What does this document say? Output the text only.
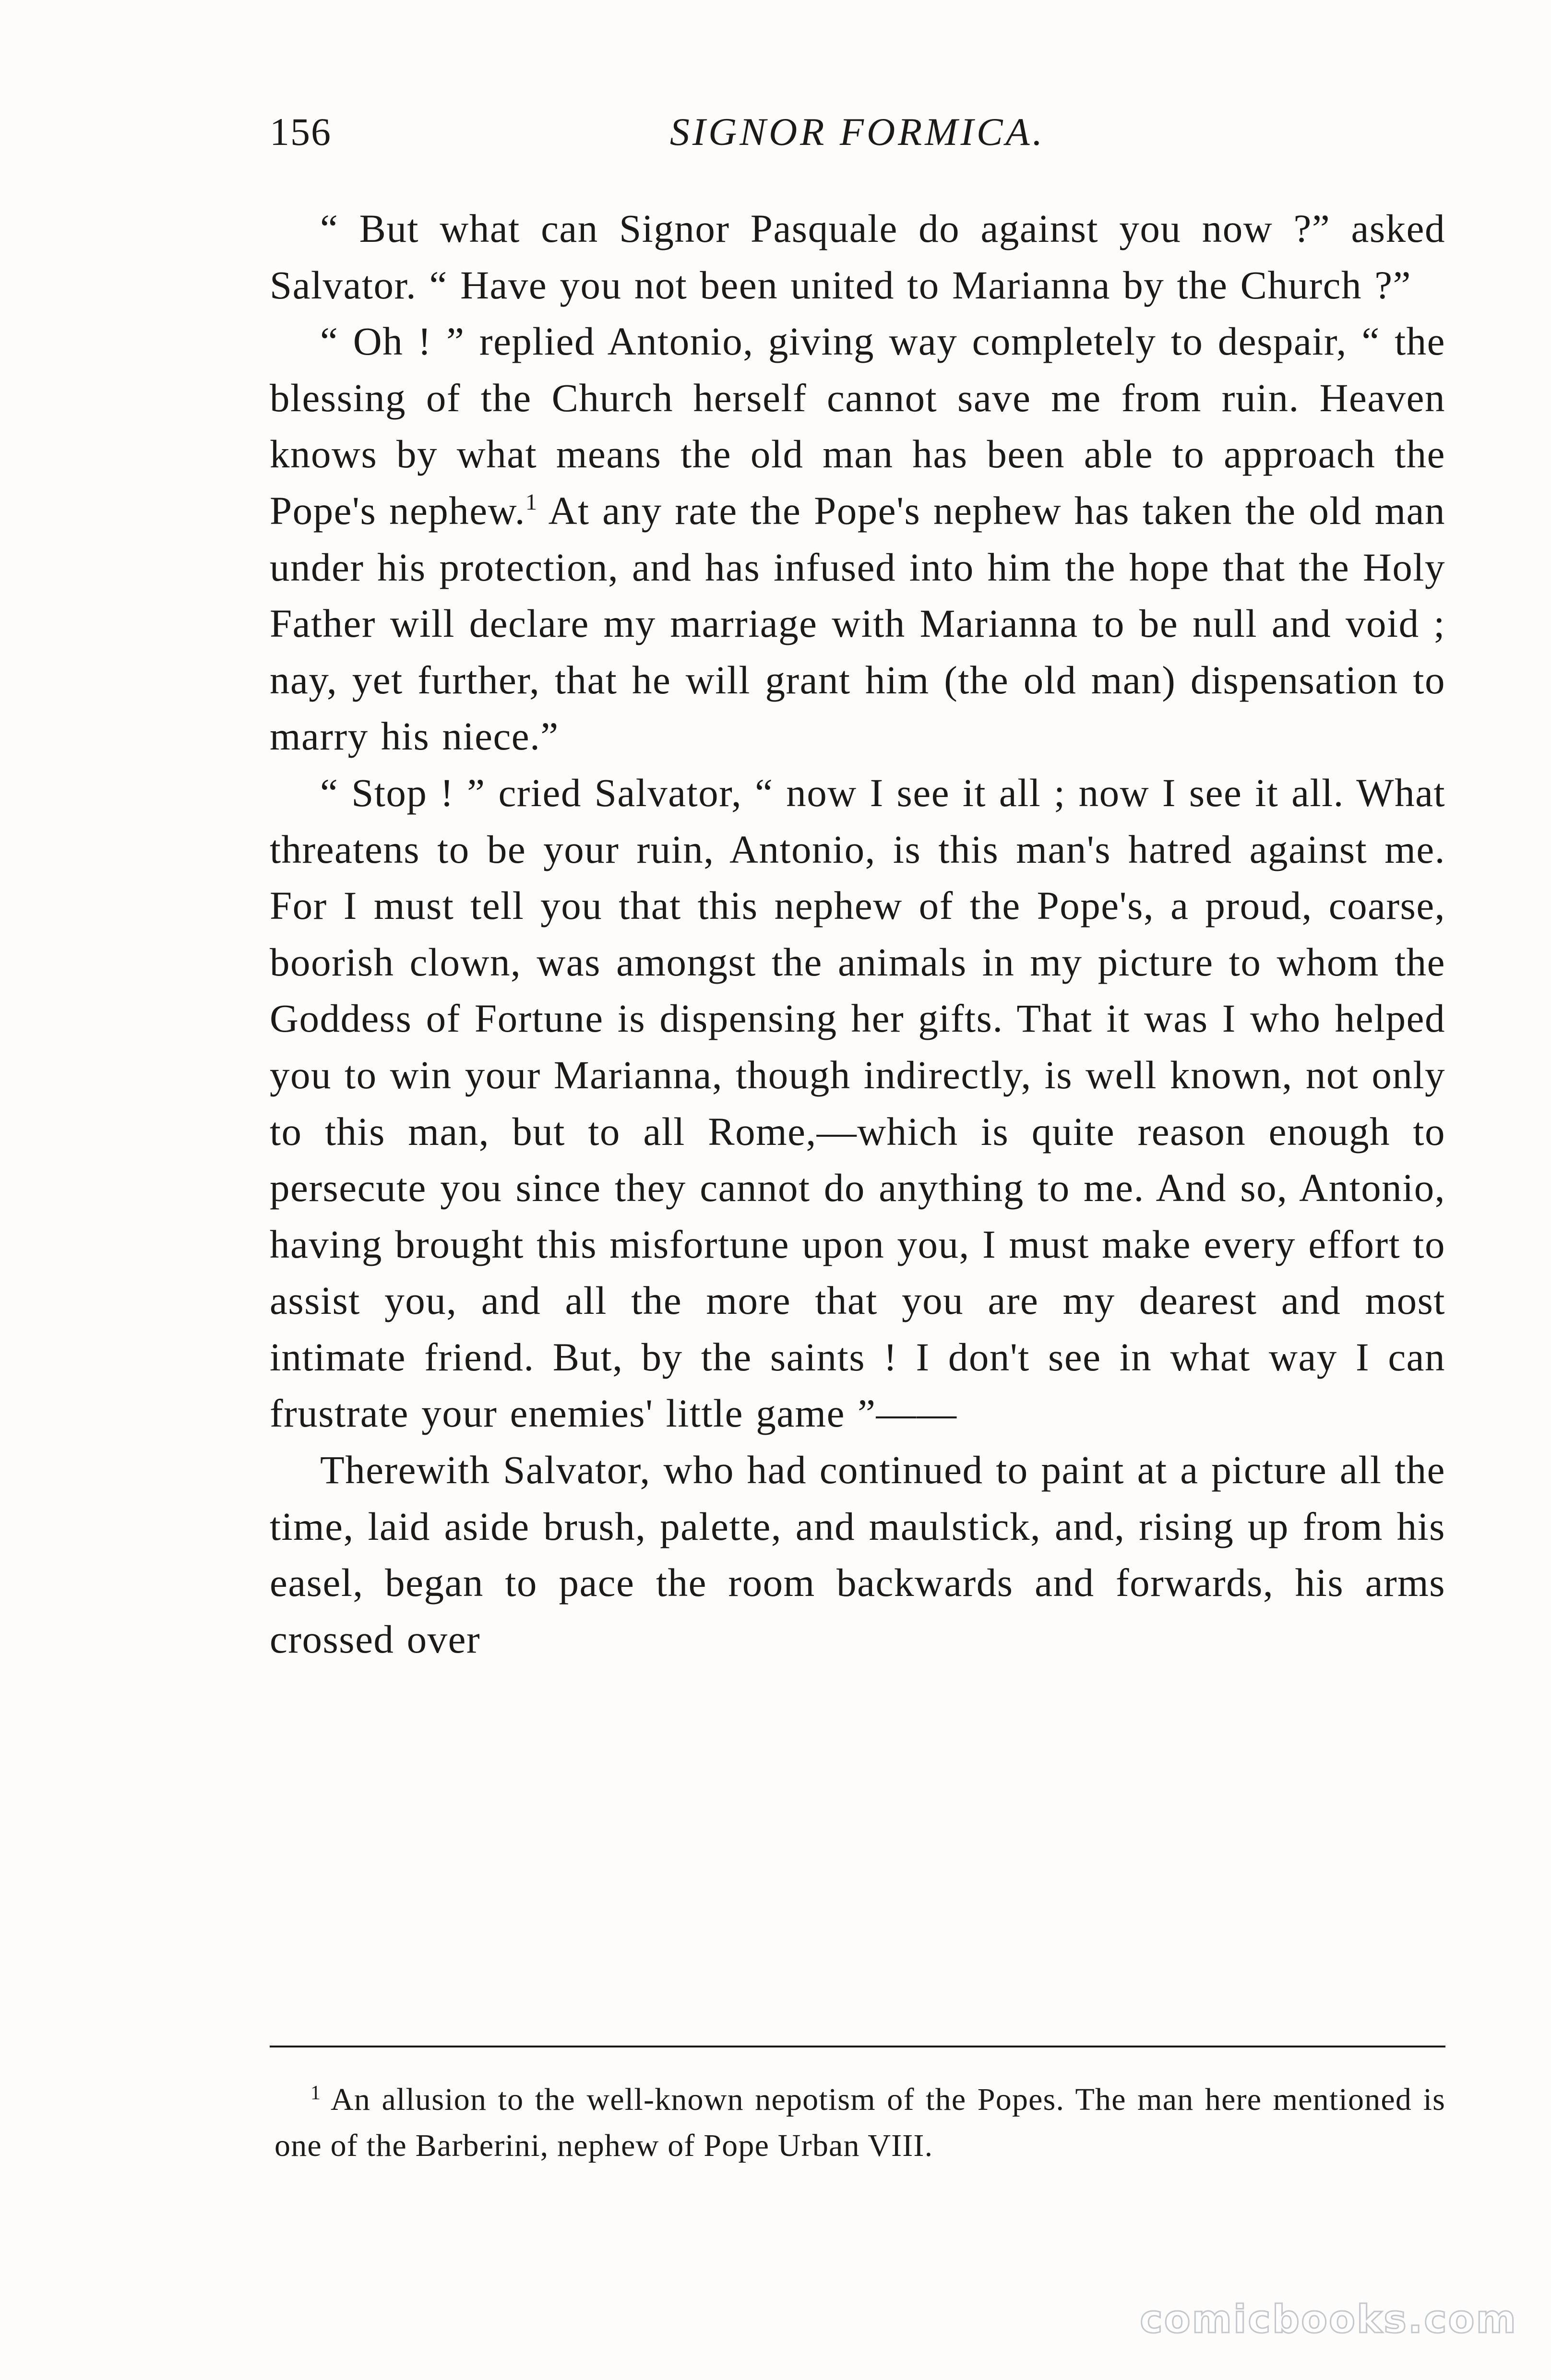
156	SIGNOR FORMICA.

“ But what can Signor Pasquale do against you now ?” asked Salvator. “ Have you not been united to Marianna by the Church ?”

“ Oh ! ” replied Antonio, giving way completely to despair, “ the blessing of the Church herself cannot save me from ruin. Heaven knows by what means the old man has been able to approach the Pope's nephew.$^1$ At any rate the Pope's nephew has taken the old man under his protection, and has infused into him the hope that the Holy Father will declare my marriage with Marianna to be null and void ; nay, yet further, that he will grant him (the old man) dispensation to marry his niece.”

“ Stop ! ” cried Salvator, “ now I see it all ; now I see it all. What threatens to be your ruin, Antonio, is this man's hatred against me. For I must tell you that this nephew of the Pope's, a proud, coarse, boorish clown, was amongst the animals in my picture to whom the Goddess of Fortune is dispensing her gifts. That it was I who helped you to win your Marianna, though indirectly, is well known, not only to this man, but to all Rome,—which is quite reason enough to persecute you since they cannot do anything to me. And so, Antonio, having brought this misfortune upon you, I must make every effort to assist you, and all the more that you are my dearest and most intimate friend. But, by the saints ! I don't see in what way I can frustrate your enemies' little game ”——

Therewith Salvator, who had continued to paint at a picture all the time, laid aside brush, palette, and maulstick, and, rising up from his easel, began to pace the room backwards and forwards, his arms crossed over

$^1$ An allusion to the well-known nepotism of the Popes. The man here mentioned is one of the Barberini, nephew of Pope Urban VIII.

comicbooks.com
